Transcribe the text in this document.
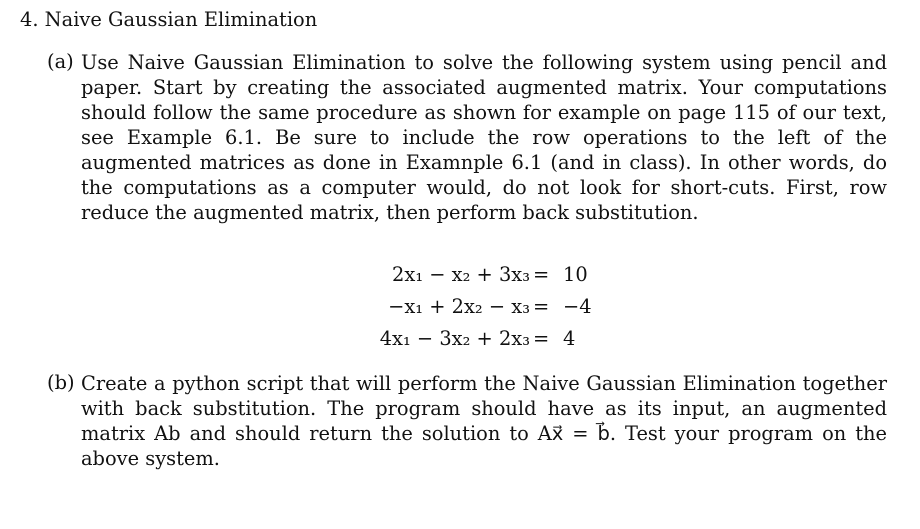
4. Naive Gaussian Elimination
(a) Use Naive Gaussian Elimination to solve the following system using pencil and paper. Start by creating the associated augmented matrix. Your computations should follow the same procedure as shown for example on page 115 of our text, see Example 6.1. Be sure to include the row operations to the left of the augmented matrices as done in Examnple 6.1 (and in class). In other words, do the computations as a computer would, do not look for short-cuts. First, row reduce the augmented matrix, then perform back substitution.
2x₁ − x₂ + 3x₃ = 10
−x₁ + 2x₂ − x₃ = −4
4x₁ − 3x₂ + 2x₃ = 4
(b) Create a python script that will perform the Naive Gaussian Elimination together with back substitution. The program should have as its input, an augmented matrix Ab and should return the solution to Ax⃗ = b⃗. Test your program on the above system.
